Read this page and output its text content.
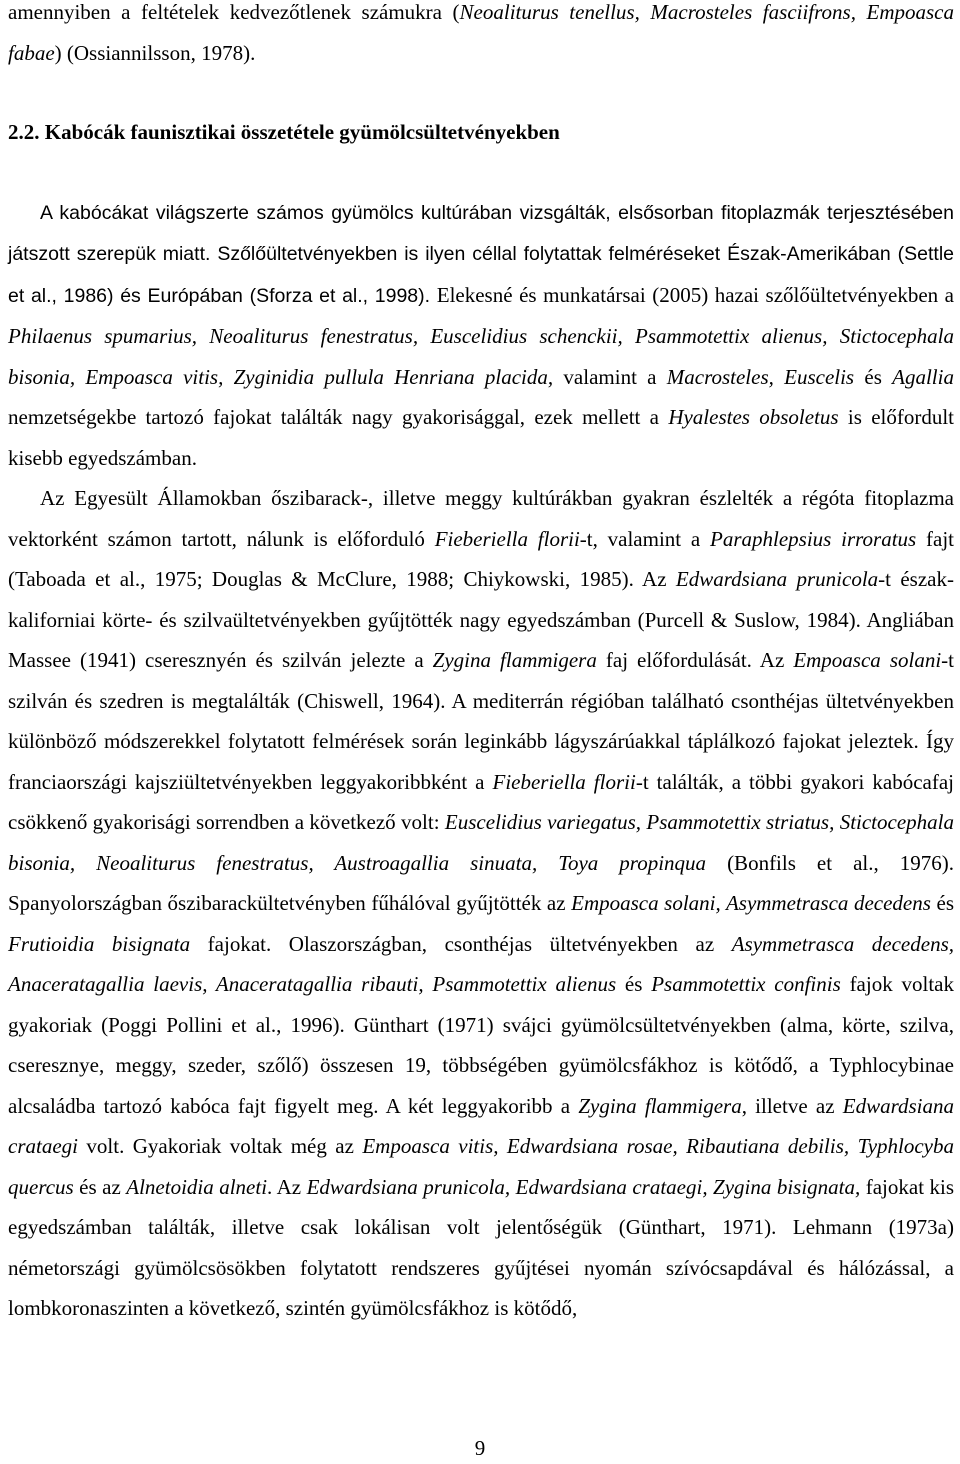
amennyiben a feltételek kedvezőtlenek számukra (Neoaliturus tenellus, Macrosteles fasciifrons, Empoasca fabae) (Ossiannilsson, 1978).

2.2. Kabócák faunisztikai összetétele gyümölcsültetvényekben

A kabócákat világszerte számos gyümölcs kultúrában vizsgálták, elsősorban fitoplazmák terjesztésében játszott szerepük miatt. Szőlőültetvényekben is ilyen céllal folytattak felméréseket Észak-Amerikában (Settle et al., 1986) és Európában (Sforza et al., 1998). Elekesné és munkatársai (2005) hazai szőlőültetvényekben a Philaenus spumarius, Neoaliturus fenestratus, Euscelidius schenckii, Psammotettix alienus, Stictocephala bisonia, Empoasca vitis, Zyginidia pullula Henriana placida, valamint a Macrosteles, Euscelis és Agallia nemzetségekbe tartozó fajokat találták nagy gyakorisággal, ezek mellett a Hyalestes obsoletus is előfordult kisebb egyedszámban.

Az Egyesült Államokban őszibarack-, illetve meggy kultúrákban gyakran észlelték a régóta fitoplazma vektorként számon tartott, nálunk is előforduló Fieberiella florii-t, valamint a Paraphlepsius irroratus fajt (Taboada et al., 1975; Douglas & McClure, 1988; Chiykowski, 1985). Az Edwardsiana prunicola-t észak-kaliforniai körte- és szilvaültetvényekben gyűjtötték nagy egyedszámban (Purcell & Suslow, 1984). Angliában Massee (1941) cseresznyén és szilván jelezte a Zygina flammigera faj előfordulását. Az Empoasca solani-t szilván és szedren is megtalálták (Chiswell, 1964). A mediterrán régióban található csonthéjas ültetvényekben különböző módszerekkel folytatott felmérések során leginkább lágyszárúakkal táplálkozó fajokat jeleztek. Így franciaországi kajsziültetvényekben leggyakoribbként a Fieberiella florii-t találták, a többi gyakori kabócafaj csökkenő gyakorisági sorrendben a következő volt: Euscelidius variegatus, Psammotettix striatus, Stictocephala bisonia, Neoaliturus fenestratus, Austroagallia sinuata, Toya propinqua (Bonfils et al., 1976). Spanyolországban őszibarackültetvényben fűhálóval gyűjtötték az Empoasca solani, Asymmetrasca decedens és Frutioidia bisignata fajokat. Olaszországban, csonthéjas ültetvényekben az Asymmetrasca decedens, Anaceratagallia laevis, Anaceratagallia ribauti, Psammotettix alienus és Psammotettix confinis fajok voltak gyakoriak (Poggi Pollini et al., 1996). Günthart (1971) svájci gyümölcsültetvényekben (alma, körte, szilva, cseresznye, meggy, szeder, szőlő) összesen 19, többségében gyümölcsfákhoz is kötődő, a Typhlocybinae alcsaládba tartozó kabóca fajt figyelt meg. A két leggyakoribb a Zygina flammigera, illetve az Edwardsiana crataegi volt. Gyakoriak voltak még az Empoasca vitis, Edwardsiana rosae, Ribautiana debilis, Typhlocyba quercus és az Alnetoidia alneti. Az Edwardsiana prunicola, Edwardsiana crataegi, Zygina bisignata, fajokat kis egyedszámban találták, illetve csak lokálisan volt jelentőségük (Günthart, 1971). Lehmann (1973a) németországi gyümölcsösökben folytatott rendszeres gyűjtései nyomán szívócsapdával és hálózással, a lombkoronaszinten a következő, szintén gyümölcsfákhoz is kötődő,

9
